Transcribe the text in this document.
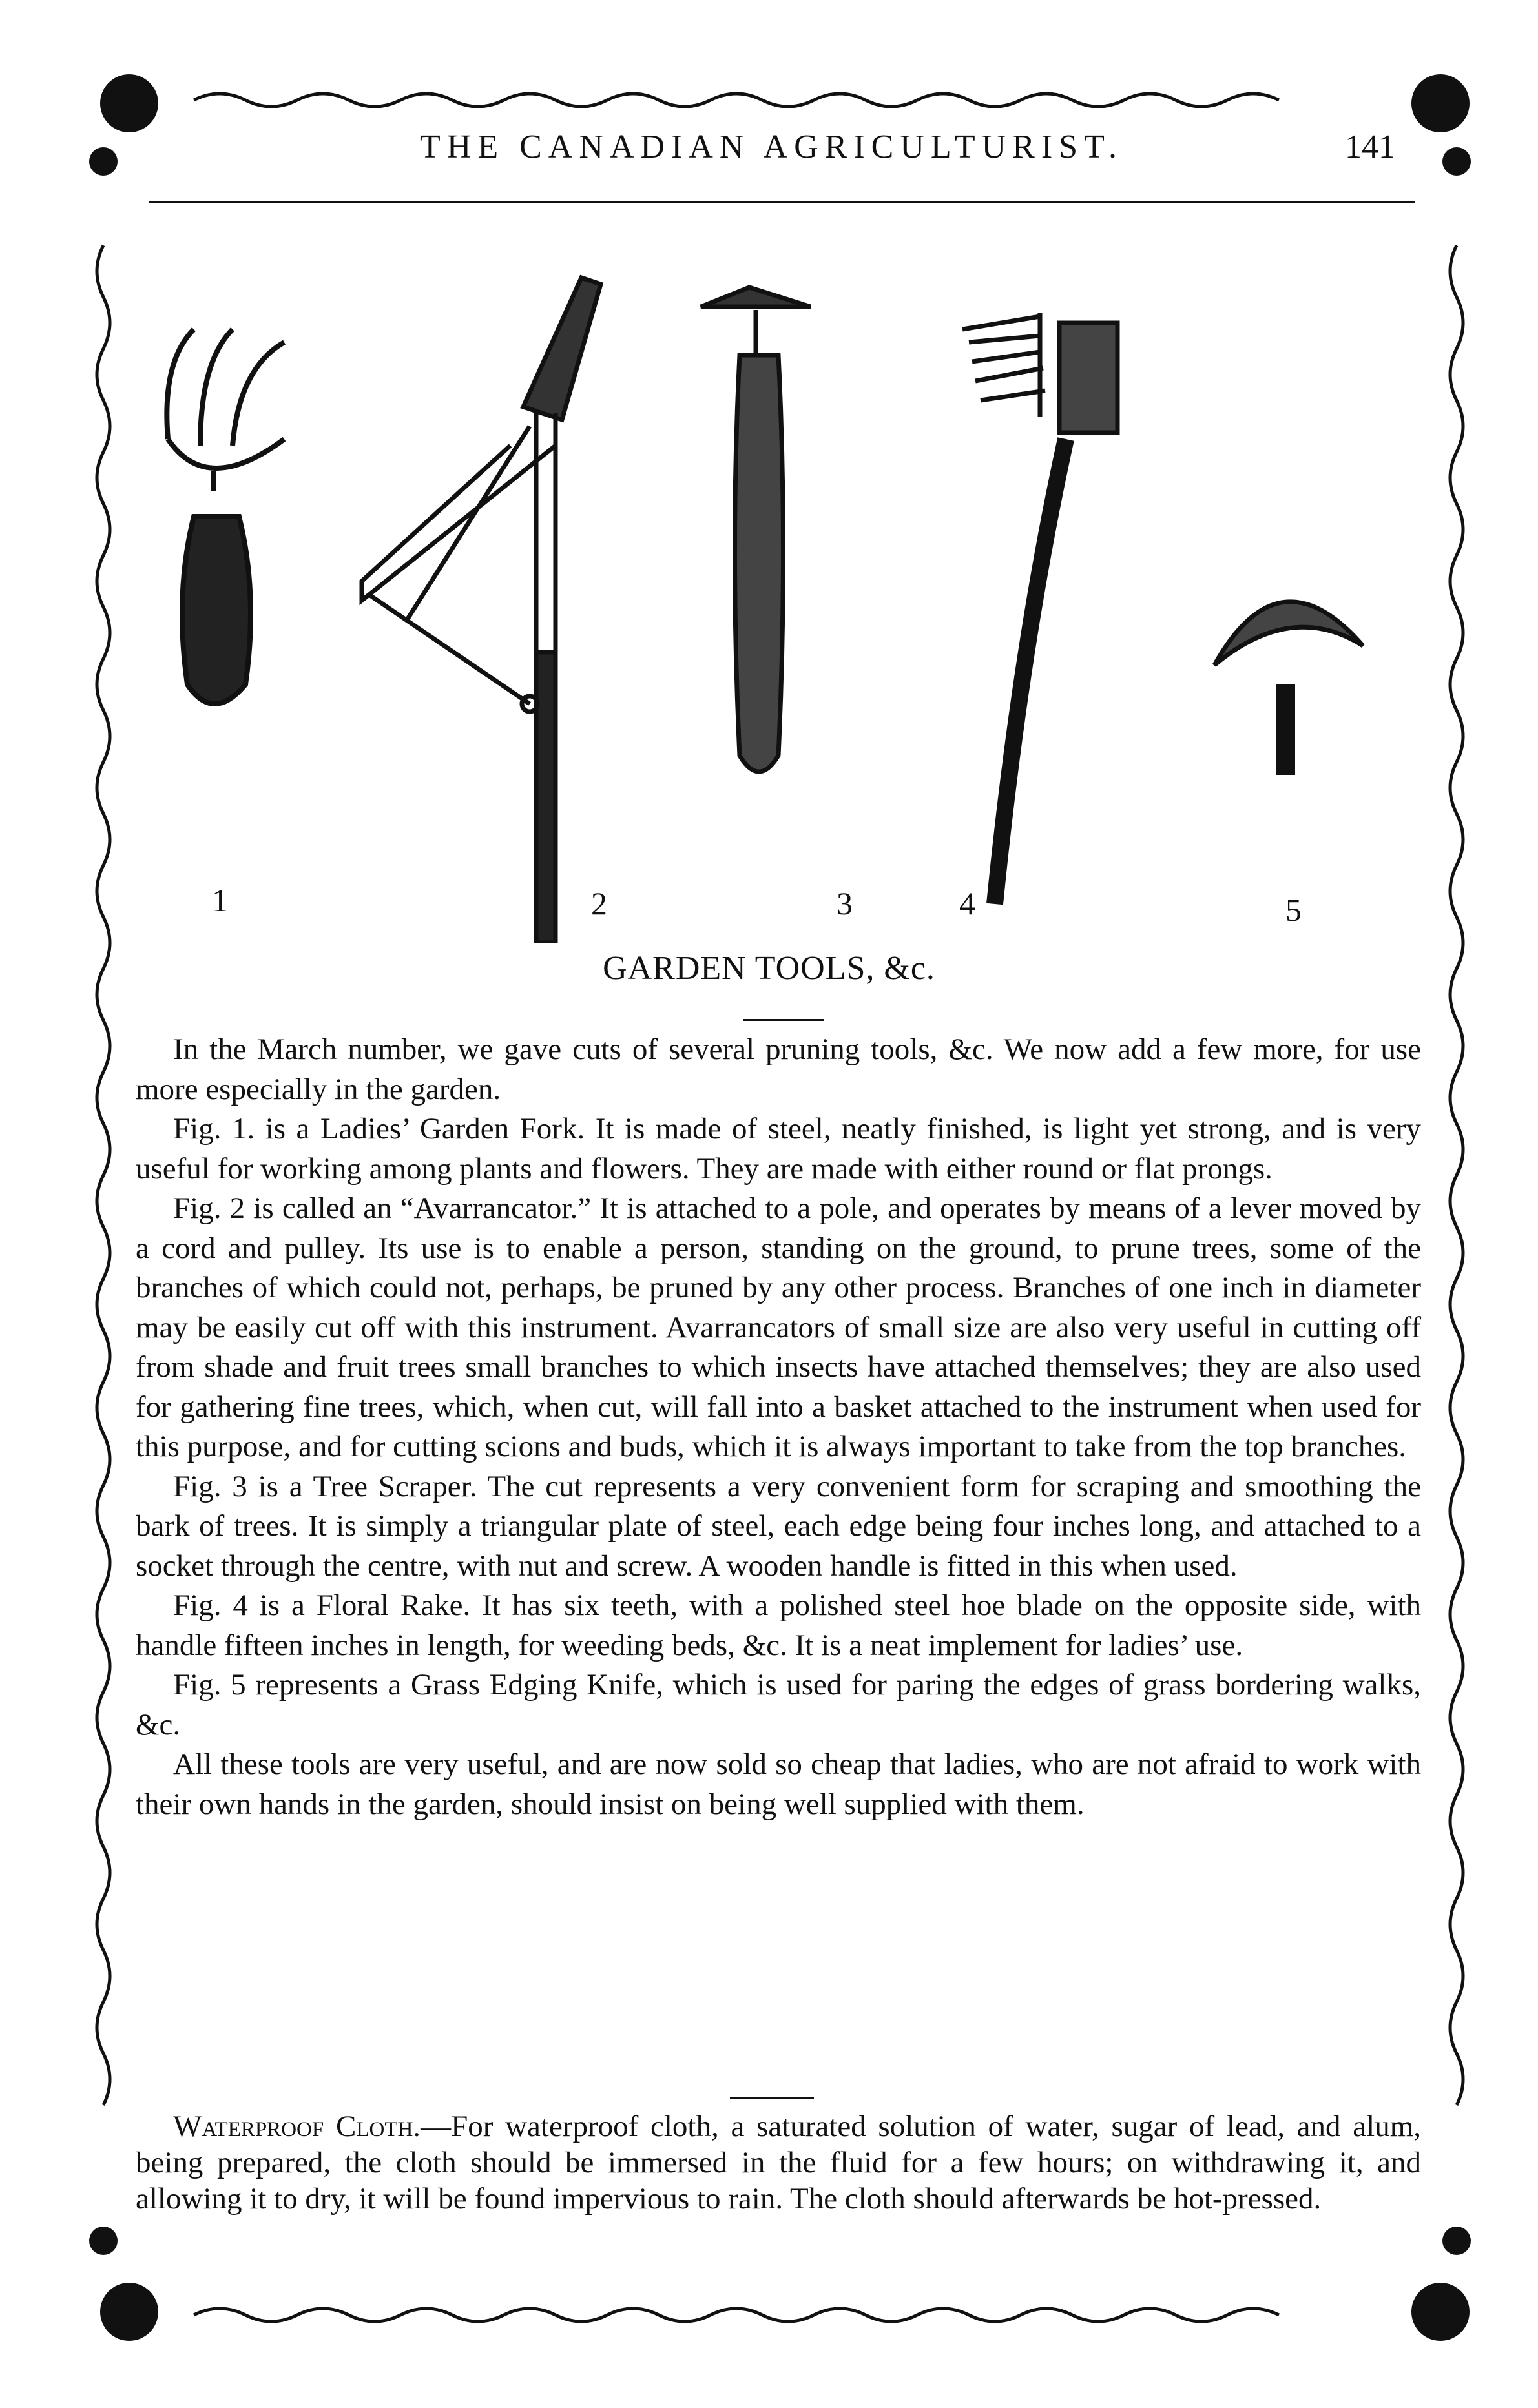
THE CANADIAN AGRICULTURIST.	141
1	2	3	4	5
GARDEN TOOLS, &c.

In the March number, we gave cuts of several pruning tools, &c. We now add a few more, for use more especially in the garden.

Fig. 1. is a Ladies’ Garden Fork. It is made of steel, neatly finished, is light yet strong, and is very useful for working among plants and flowers. They are made with either round or flat prongs.

Fig. 2 is called an “Avarrancator.” It is attached to a pole, and operates by means of a lever moved by a cord and pulley. Its use is to enable a person, standing on the ground, to prune trees, some of the branches of which could not, perhaps, be pruned by any other process. Branches of one inch in diameter may be easily cut off with this instrument. Avarrancators of small size are also very useful in cutting off from shade and fruit trees small branches to which insects have attached themselves; they are also used for gathering fine trees, which, when cut, will fall into a basket attached to the instrument when used for this purpose, and for cutting scions and buds, which it is always important to take from the top branches.

Fig. 3 is a Tree Scraper. The cut represents a very convenient form for scraping and smoothing the bark of trees. It is simply a triangular plate of steel, each edge being four inches long, and attached to a socket through the centre, with nut and screw. A wooden handle is fitted in this when used.

Fig. 4 is a Floral Rake. It has six teeth, with a polished steel hoe blade on the opposite side, with handle fifteen inches in length, for weeding beds, &c. It is a neat implement for ladies’ use.

Fig. 5 represents a Grass Edging Knife, which is used for paring the edges of grass bordering walks, &c.

All these tools are very useful, and are now sold so cheap that ladies, who are not afraid to work with their own hands in the garden, should insist on being well supplied with them.

Waterproof Cloth.—For waterproof cloth, a saturated solution of water, sugar of lead, and alum, being prepared, the cloth should be immersed in the fluid for a few hours; on withdrawing it, and allowing it to dry, it will be found impervious to rain. The cloth should afterwards be hot-pressed.
